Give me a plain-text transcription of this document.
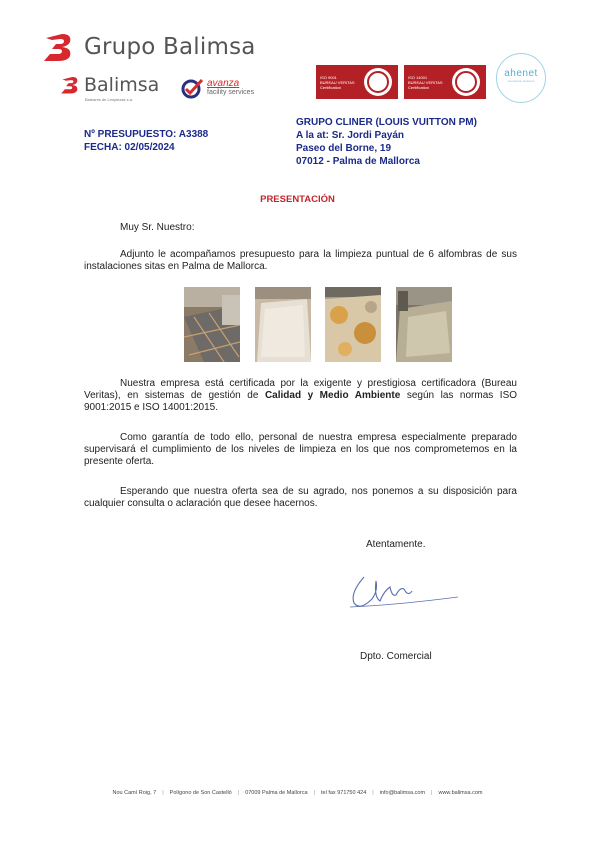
Grupo Balimsa
Balimsa
Baleares de Limpiezas s.a.
avanza
facility services
ISO 9001
BUREAU VERITAS
Certification
ISO 14001
BUREAU VERITAS
Certification
ahenet
Asociación Hotelera
Nº PRESUPUESTO: A3388
FECHA: 02/05/2024
GRUPO CLINER (LOUIS VUITTON PM)
A la at: Sr. Jordi Payán
Paseo del Borne, 19
07012 - Palma de Mallorca
PRESENTACIÓN
Muy Sr. Nuestro:
Adjunto le acompañamos presupuesto para la limpieza puntual de 6 alfombras de sus instalaciones sitas en Palma de Mallorca.
Nuestra empresa está certificada por la exigente y prestigiosa certificadora (Bureau Veritas), en sistemas de gestión de Calidad y Medio Ambiente según las normas ISO 9001:2015 e ISO 14001:2015.
Como garantía de todo ello, personal de nuestra empresa especialmente preparado supervisará el cumplimiento de los niveles de limpieza en los que nos comprometemos en la presente oferta.
Esperando que nuestra oferta sea de su agrado, nos ponemos a su disposición para cualquier consulta o aclaración que desee hacernos.
Atentamente.
Dpto. Comercial
Nou Camí Roig, 7 | Polígono de Son Castelló | 07009 Palma de Mallorca | tel fax 971750 424 | info@balimsa.com | www.balimsa.com
